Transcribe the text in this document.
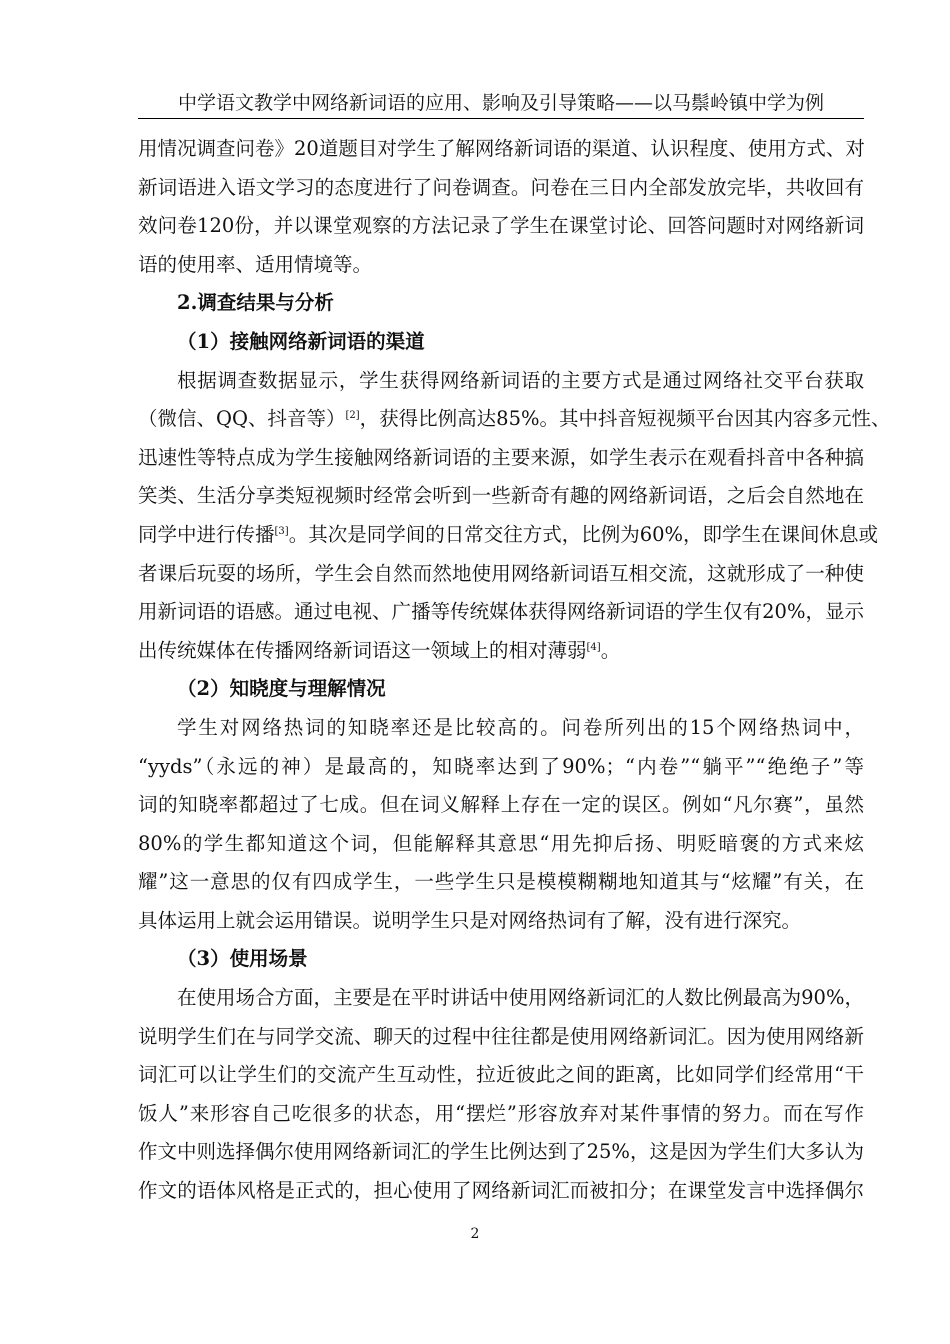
中学语文教学中网络新词语的应用、影响及引导策略——以马鬃岭镇中学为例
用情况调查问卷》20道题目对学生了解网络新词语的渠道、认识程度、使用方式、对
新词语进入语文学习的态度进行了问卷调查。问卷在三日内全部发放完毕，共收回有
效问卷120份，并以课堂观察的方法记录了学生在课堂讨论、回答问题时对网络新词
语的使用率、适用情境等。
2.调查结果与分析
（1）接触网络新词语的渠道
根据调查数据显示，学生获得网络新词语的主要方式是通过网络社交平台获取
（微信、QQ、抖音等）[2]，获得比例高达85%。其中抖音短视频平台因其内容多元性、
迅速性等特点成为学生接触网络新词语的主要来源，如学生表示在观看抖音中各种搞
笑类、生活分享类短视频时经常会听到一些新奇有趣的网络新词语，之后会自然地在
同学中进行传播[3]。其次是同学间的日常交往方式，比例为60%，即学生在课间休息或
者课后玩耍的场所，学生会自然而然地使用网络新词语互相交流，这就形成了一种使
用新词语的语感。通过电视、广播等传统媒体获得网络新词语的学生仅有20%，显示
出传统媒体在传播网络新词语这一领域上的相对薄弱[4]。
（2）知晓度与理解情况
学生对网络热词的知晓率还是比较高的。问卷所列出的15个网络热词中，
“yyds”（永远的神）是最高的，知晓率达到了90%；“内卷”“躺平”“绝绝子”等
词的知晓率都超过了七成。但在词义解释上存在一定的误区。例如“凡尔赛”，虽然
80%的学生都知道这个词，但能解释其意思“用先抑后扬、明贬暗褒的方式来炫
耀”这一意思的仅有四成学生，一些学生只是模模糊糊地知道其与“炫耀”有关，在
具体运用上就会运用错误。说明学生只是对网络热词有了解，没有进行深究。
（3）使用场景
在使用场合方面，主要是在平时讲话中使用网络新词汇的人数比例最高为90%，
说明学生们在与同学交流、聊天的过程中往往都是使用网络新词汇。因为使用网络新
词汇可以让学生们的交流产生互动性，拉近彼此之间的距离，比如同学们经常用“干
饭人”来形容自己吃很多的状态，用“摆烂”形容放弃对某件事情的努力。而在写作
作文中则选择偶尔使用网络新词汇的学生比例达到了25%，这是因为学生们大多认为
作文的语体风格是正式的，担心使用了网络新词汇而被扣分；在课堂发言中选择偶尔
2
